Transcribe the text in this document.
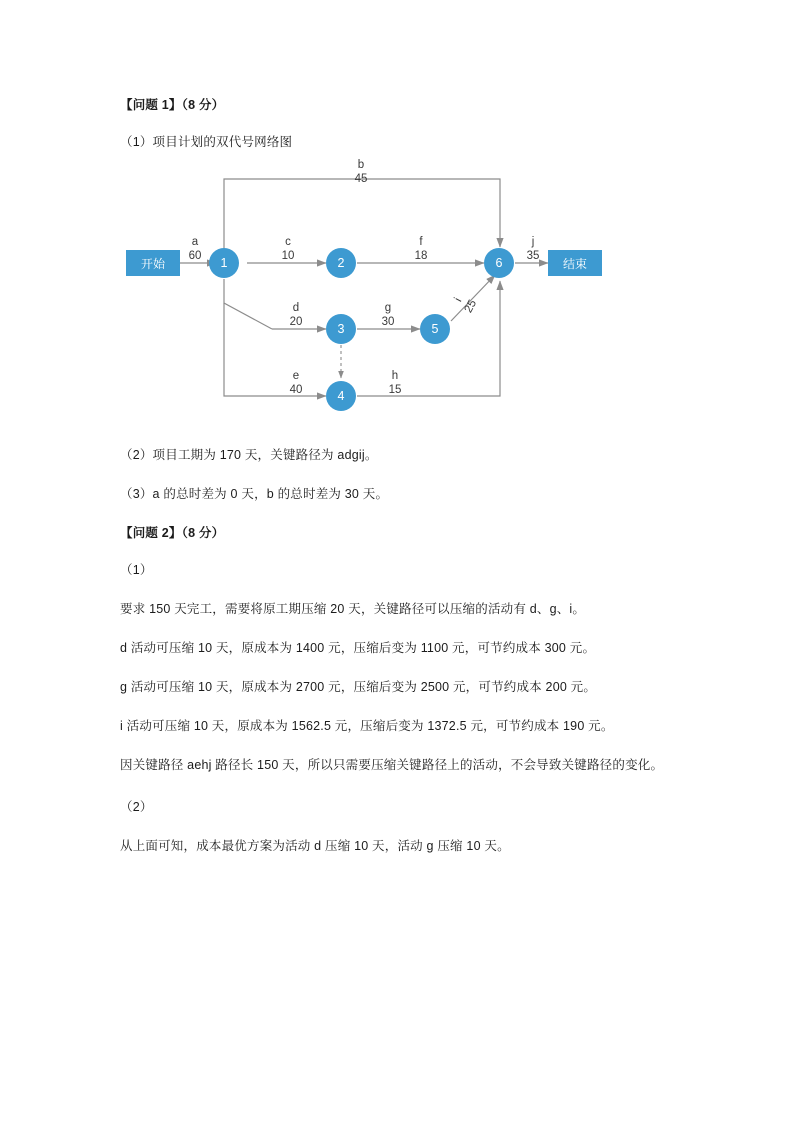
【问题 1】（8 分）

（1）项目计划的双代号网络图

开始	结束
1	2
3
4
5
6
a
60
b
45
c
10
d
20
e
40
f
18
g
30
h
15
i
25
j
35

（2）项目工期为 170 天，关键路径为 adgij。

（3）a 的总时差为 0 天，b 的总时差为 30 天。

【问题 2】（8 分）

（1）

要求 150 天完工，需要将原工期压缩 20 天，关键路径可以压缩的活动有 d、g、i。

d 活动可压缩 10 天，原成本为 1400 元，压缩后变为 1100 元，可节约成本 300 元。

g 活动可压缩 10 天，原成本为 2700 元，压缩后变为 2500 元，可节约成本 200 元。

i 活动可压缩 10 天，原成本为 1562.5 元，压缩后变为 1372.5 元，可节约成本 190 元。

因关键路径 aehj 路径长 150 天，所以只需要压缩关键路径上的活动，不会导致关键路径的变化。

（2）

从上面可知，成本最优方案为活动 d 压缩 10 天，活动 g 压缩 10 天。
